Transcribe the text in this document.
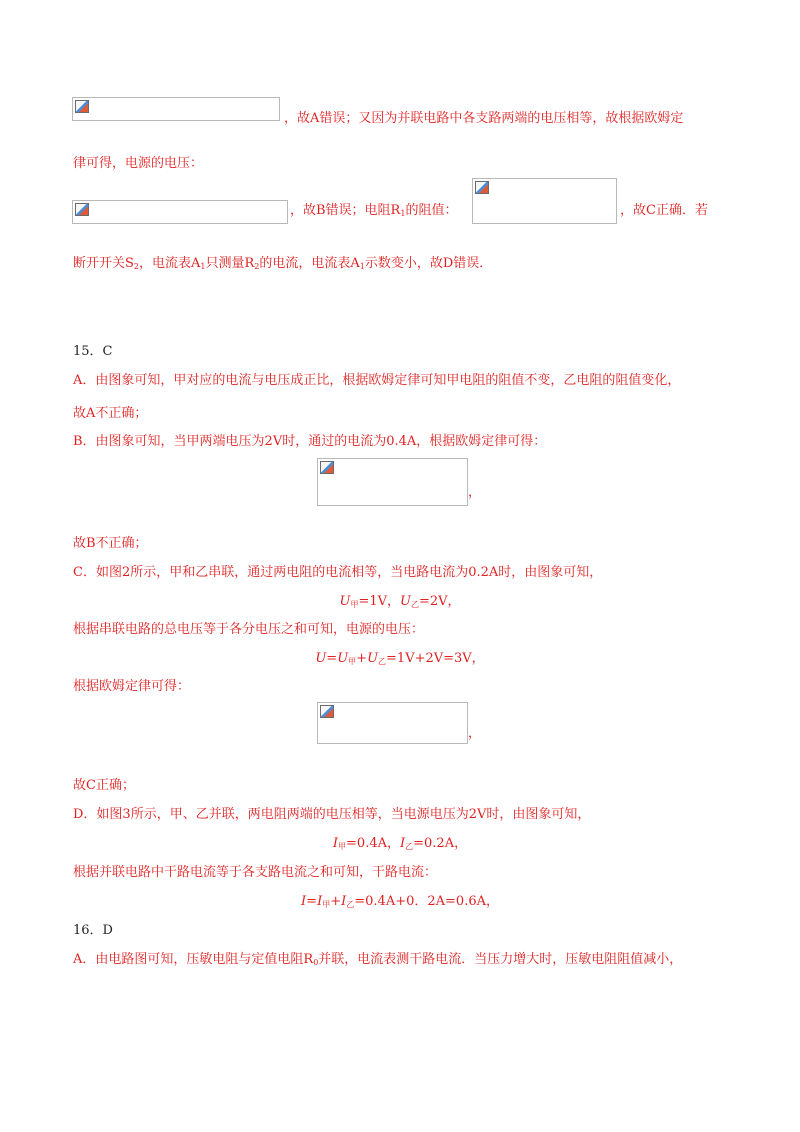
，故A错误；又因为并联电路中各支路两端的电压相等，故根据欧姆定
律可得，电源的电压：
，故B错误；电阻$R_1$的阻值：	，故C正确．若
断开开关$S_2$，电流表$A_1$只测量$R_2$的电流，电流表$A_1$示数变小，故D错误．
15．C
A．由图象可知，甲对应的电流与电压成正比，根据欧姆定律可知甲电阻的阻值不变，乙电阻的阻值变化，
故A不正确；
B．由图象可知，当甲两端电压为2V时，通过的电流为0.4A，根据欧姆定律可得：
，
故B不正确；
C．如图2所示，甲和乙串联，通过两电阻的电流相等，当电路电流为0.2A时，由图象可知，
$U_甲=1V$，$U_乙=2V$，
根据串联电路的总电压等于各分电压之和可知，电源的电压：
$U=U_甲+U_乙=1V+2V=3V$，
根据欧姆定律可得：
，
故C正确；
D．如图3所示，甲、乙并联，两电阻两端的电压相等，当电源电压为2V时，由图象可知，
$I_甲=0.4A$，$I_乙=0.2A$，
根据并联电路中干路电流等于各支路电流之和可知，干路电流：
$I=I_甲+I_乙=0.4A+0$．2A=0.6A，
16．D
A．由电路图可知，压敏电阻与定值电阻$R_0$并联，电流表测干路电流．当压力增大时，压敏电阻阻值减小，
